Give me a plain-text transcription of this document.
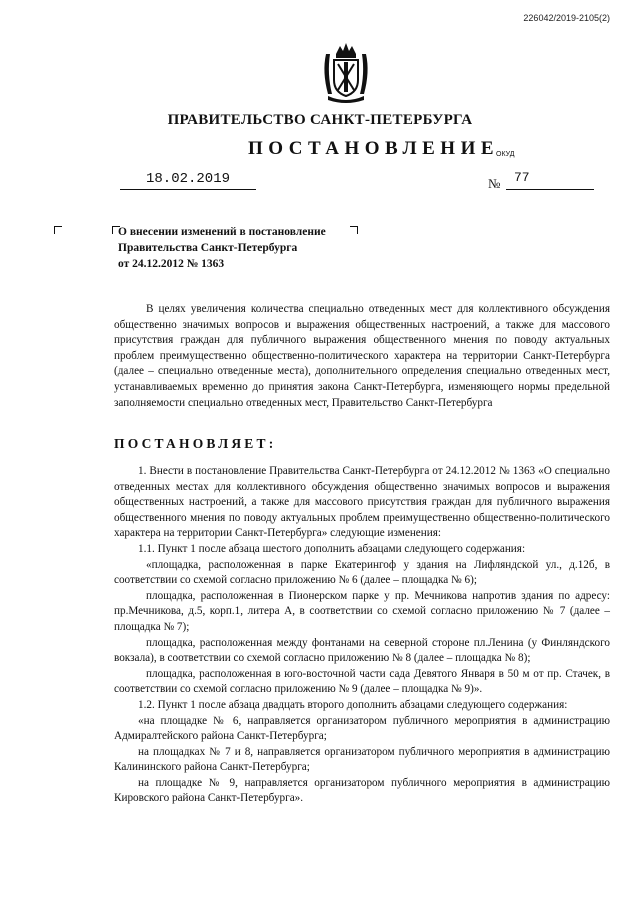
226042/2019-2105(2)
ПРАВИТЕЛЬСТВО САНКТ-ПЕТЕРБУРГА
ПОСТАНОВЛЕНИЕ
ОКУД
18.02.2019	№ 77
О внесении изменений в постановление
Правительства Санкт-Петербурга
от 24.12.2012 № 1363

В целях увеличения количества специально отведенных мест для коллективного обсуждения общественно значимых вопросов и выражения общественных настроений, а также для массового присутствия граждан для публичного выражения общественного мнения по поводу актуальных проблем преимущественно общественно-политического характера на территории Санкт-Петербурга (далее – специально отведенные места), дополнительного определения специально отведенных мест, устанавливаемых временно до принятия закона Санкт-Петербурга, изменяющего нормы предельной заполняемости специально отведенных мест, Правительство Санкт-Петербурга

ПОСТАНОВЛЯЕТ:

1. Внести в постановление Правительства Санкт-Петербурга от 24.12.2012 № 1363 «О специально отведенных местах для коллективного обсуждения общественно значимых вопросов и выражения общественных настроений, а также для массового присутствия граждан для публичного выражения общественного мнения по поводу актуальных проблем преимущественно общественно-политического характера на территории Санкт-Петербурга» следующие изменения:

1.1. Пункт 1 после абзаца шестого дополнить абзацами следующего содержания:

«площадка, расположенная в парке Екатерингоф у здания на Лифляндской ул., д.12б, в соответствии со схемой согласно приложению № 6 (далее – площадка № 6);

площадка, расположенная в Пионерском парке у пр. Мечникова напротив здания по адресу: пр.Мечникова, д.5, корп.1, литера А, в соответствии со схемой согласно приложению № 7 (далее – площадка № 7);

площадка, расположенная между фонтанами на северной стороне пл.Ленина (у Финляндского вокзала), в соответствии со схемой согласно приложению № 8 (далее – площадка № 8);

площадка, расположенная в юго-восточной части сада Девятого Января в 50 м от пр. Стачек, в соответствии со схемой согласно приложению № 9 (далее – площадка № 9)».

1.2. Пункт 1 после абзаца двадцать второго дополнить абзацами следующего содержания:

«на площадке № 6, направляется организатором публичного мероприятия в администрацию Адмиралтейского района Санкт-Петербурга;

на площадках № 7 и 8, направляется организатором публичного мероприятия в администрацию Калининского района Санкт-Петербурга;

на площадке № 9, направляется организатором публичного мероприятия в администрацию Кировского района Санкт-Петербурга».
